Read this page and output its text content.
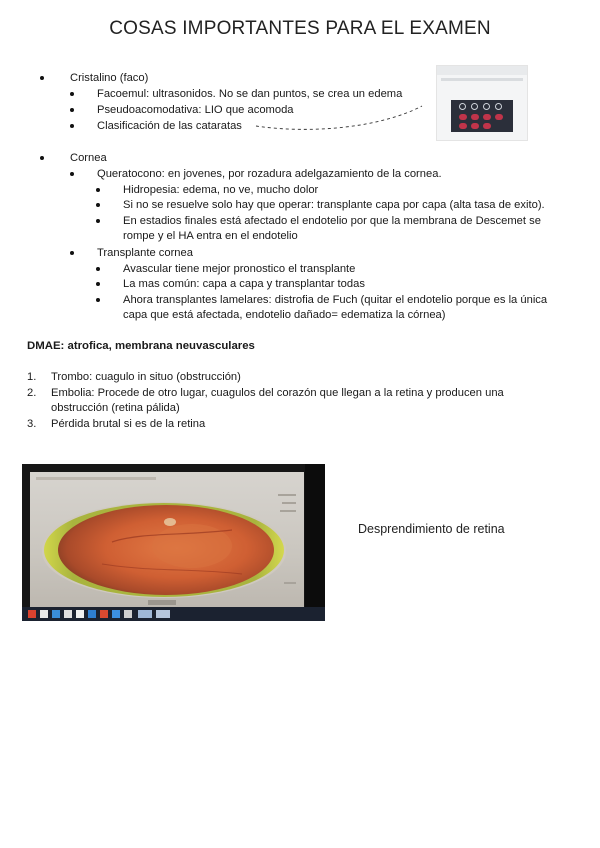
COSAS IMPORTANTES PARA EL EXAMEN
Cristalino (faco)
Facoemul: ultrasonidos. No se dan puntos, se crea un edema
Pseudoacomodativa: LIO que acomoda
Clasificación de las cataratas
Cornea
Queratocono: en jovenes, por rozadura adelgazamiento de la cornea.
Hidropesia: edema, no ve, mucho dolor
Si no se resuelve solo hay que operar: transplante capa por capa (alta tasa de exito).
En estadios finales está afectado el endotelio por que la membrana de Descemet se
rompe y el HA entra en el endotelio
Transplante cornea
Avascular tiene mejor pronostico el transplante
La mas común: capa a capa y transplantar todas
Ahora transplantes lamelares: distrofia de Fuch (quitar el endotelio porque es la única
capa que está afectada, endotelio dañado= edematiza la córnea)
DMAE: atrofica, membrana neuvasculares
1. Trombo: cuagulo in situo (obstrucción)
2. Embolia: Procede de otro lugar, cuagulos del corazón que llegan a la retina y producen una
obstrucción (retina pálida)
3. Pérdida brutal si es de la retina
Desprendimiento de retina
